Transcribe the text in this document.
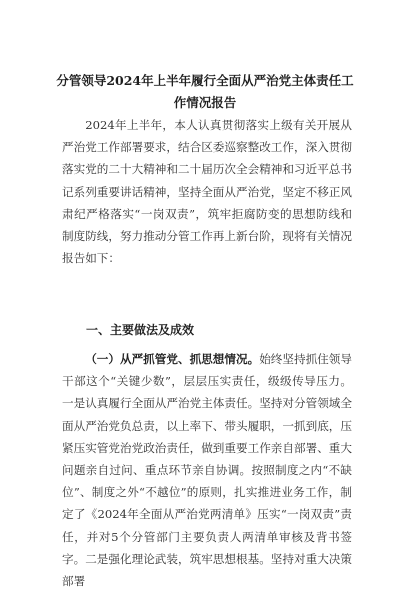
分管领导2024年上半年履行全面从严治党主体责任工作情况报告

2024年上半年，本人认真贯彻落实上级有关开展从严治党工作部署要求，结合区委巡察整改工作，深入贯彻落实党的二十大精神和二十届历次全会精神和习近平总书记系列重要讲话精神，坚持全面从严治党，坚定不移正风肃纪严格落实“一岗双责”，筑牢拒腐防变的思想防线和制度防线，努力推动分管工作再上新台阶，现将有关情况报告如下：

一、主要做法及成效

（一）从严抓管党、抓思想情况。始终坚持抓住领导干部这个“关键少数”，层层压实责任，级级传导压力。一是认真履行全面从严治党主体责任。坚持对分管领域全面从严治党负总责，以上率下、带头履职，一抓到底，压紧压实管党治党政治责任，做到重要工作亲自部署、重大问题亲自过问、重点环节亲自协调。按照制度之内“不缺位”、制度之外“不越位”的原则，扎实推进业务工作，制定了《2024年全面从严治党两清单》压实“一岗双责”责任，并对5个分管部门主要负责人两清单审核及背书签字。二是强化理论武装，筑牢思想根基。坚持对重大决策部署
